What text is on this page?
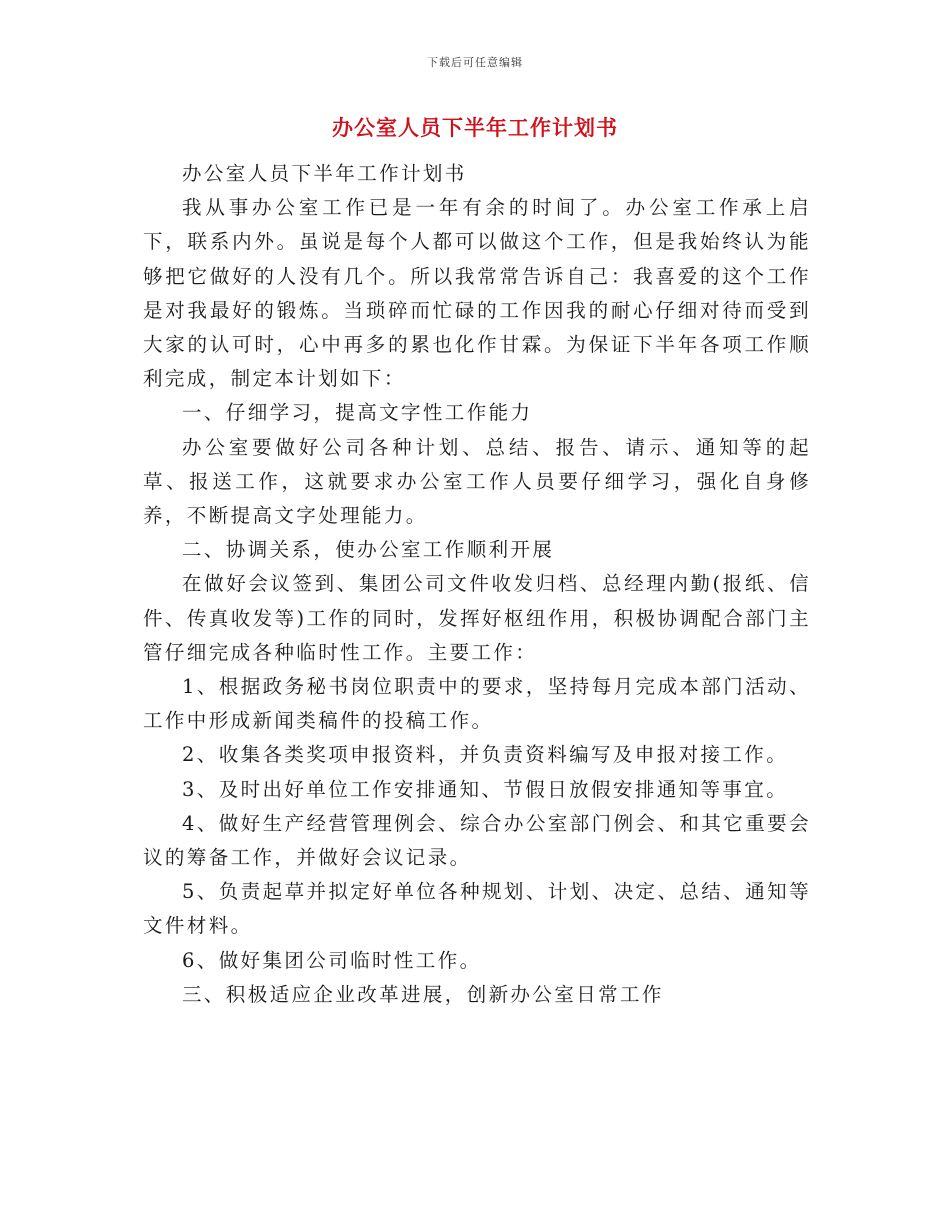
下载后可任意编辑
办公室人员下半年工作计划书

办公室人员下半年工作计划书

我从事办公室工作已是一年有余的时间了。办公室工作承上启下，联系内外。虽说是每个人都可以做这个工作，但是我始终认为能够把它做好的人没有几个。所以我常常告诉自己：我喜爱的这个工作是对我最好的锻炼。当琐碎而忙碌的工作因我的耐心仔细对待而受到大家的认可时，心中再多的累也化作甘霖。为保证下半年各项工作顺利完成，制定本计划如下：

一、仔细学习，提高文字性工作能力

办公室要做好公司各种计划、总结、报告、请示、通知等的起草、报送工作，这就要求办公室工作人员要仔细学习，强化自身修养，不断提高文字处理能力。

二、协调关系，使办公室工作顺利开展

在做好会议签到、集团公司文件收发归档、总经理内勤(报纸、信件、传真收发等)工作的同时，发挥好枢纽作用，积极协调配合部门主管仔细完成各种临时性工作。主要工作：

1、根据政务秘书岗位职责中的要求，坚持每月完成本部门活动、工作中形成新闻类稿件的投稿工作。

2、收集各类奖项申报资料，并负责资料编写及申报对接工作。

3、及时出好单位工作安排通知、节假日放假安排通知等事宜。

4、做好生产经营管理例会、综合办公室部门例会、和其它重要会议的筹备工作，并做好会议记录。

5、负责起草并拟定好单位各种规划、计划、决定、总结、通知等文件材料。

6、做好集团公司临时性工作。

三、积极适应企业改革进展，创新办公室日常工作
